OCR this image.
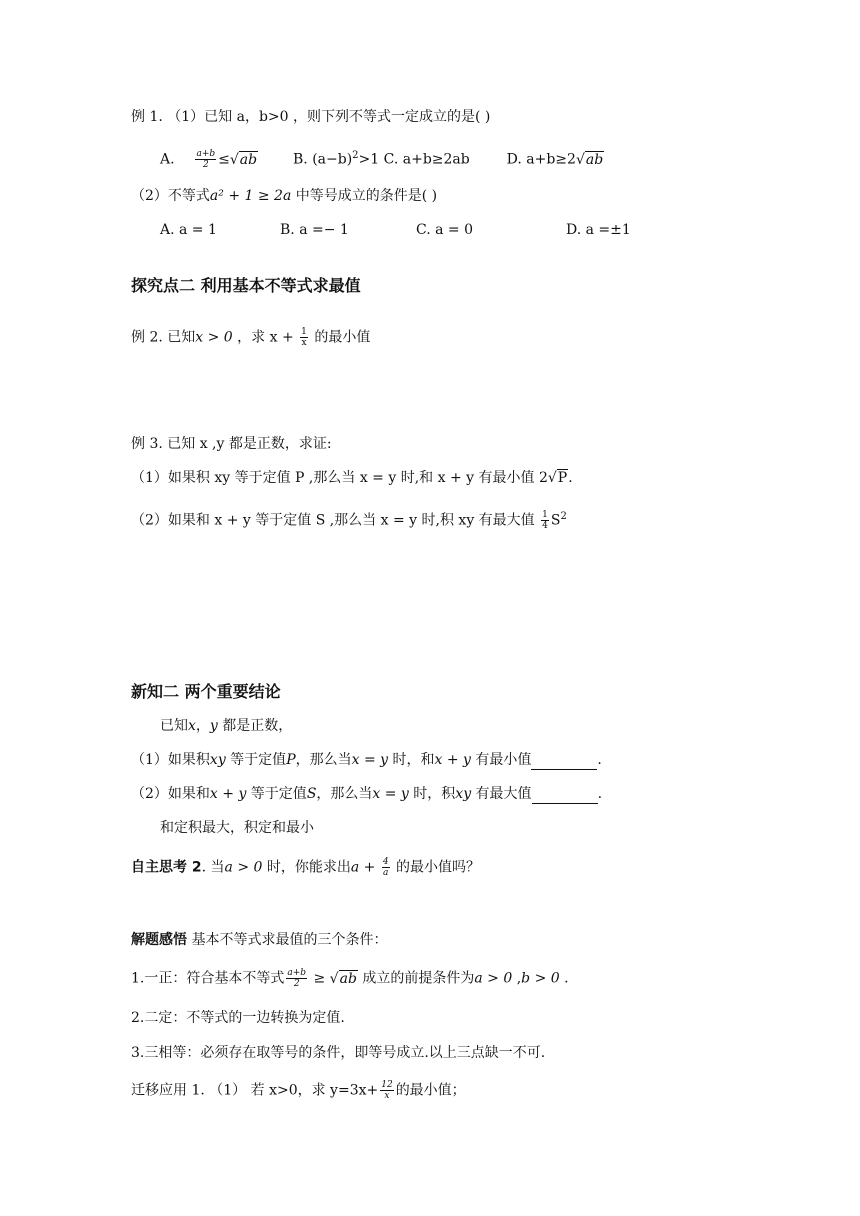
例 1. （1）已知 a，b>0 ，则下列不等式一定成立的是( )
A. $\frac{a+b}{2} \le√ab$	B. $(a-b)^2>1$ C. a+b≥2ab	D. a+b≥2√ab
（2）不等式a² + 1 ≥ 2a 中等号成立的条件是( )
A. a = 1	B. a =− 1	C. a = 0	D. a =±1
探究点二 利用基本不等式求最值
例 2. 已知x > 0 ，求 $x + \frac{1}{x}$ 的最小值
例 3. 已知 x ,y 都是正数，求证:
（1）如果积 xy 等于定值 P ,那么当 x = y 时,和 x + y 有最小值 2√P.
（2）如果和 x + y 等于定值 S ,那么当 x = y 时,积 xy 有最大值 $\frac{1}{4} S^2$
新知二 两个重要结论
已知x，y 都是正数，
（1）如果积xy 等于定值P，那么当x = y 时，和x + y 有最小值	.
（2）如果和x + y 等于定值S，那么当x = y 时，积xy 有最大值	.
和定积最大，积定和最小
自主思考 2. 当a > 0 时，你能求出$a + \frac{4}{a}$ 的最小值吗？
解题感悟 基本不等式求最值的三个条件：
1.一正：符合基本不等式 $\frac{a+b}{2} \ge √ab$ 成立的前提条件为a > 0 ,b > 0 .
2.二定：不等式的一边转换为定值.
3.三相等：必须存在取等号的条件，即等号成立.以上三点缺一不可.
迁移应用 1. （1） 若 x>0，求 $y=3x+ \frac{12}{x}$ 的最小值；
